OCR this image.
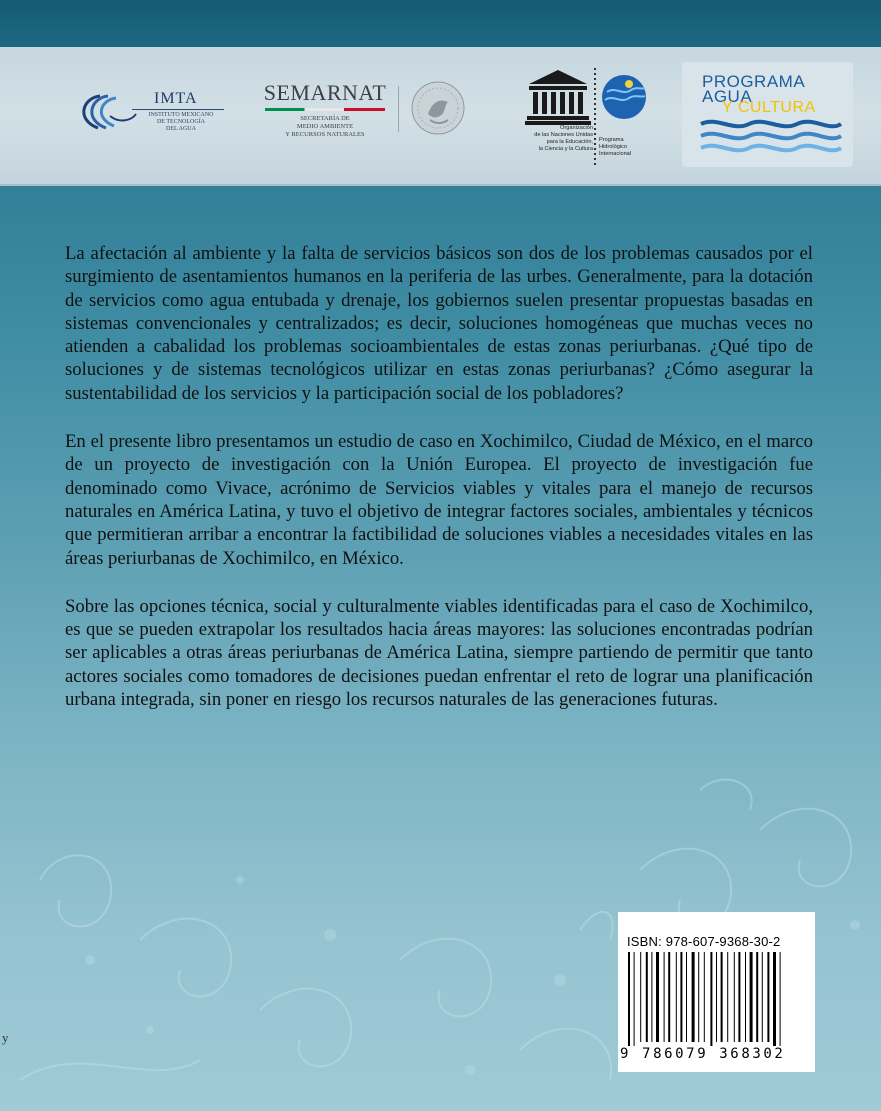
IMTA
INSTITUTO MEXICANO
DE TECNOLOGÍA
DEL AGUA
SEMARNAT
SECRETARÍA DE
MEDIO AMBIENTE
Y RECURSOS NATURALES
Organización
de las Naciones Unidas
para la Educación,
la Ciencia y la Cultura
Programa
Hidrológico
Internacional
PROGRAMA
AGUA
Y CULTURA

La afectación al ambiente y la falta de servicios básicos son dos de los problemas causados por el surgimiento de asentamientos humanos en la periferia de las urbes. Generalmente, para la dotación de servicios como agua entubada y drenaje, los gobiernos suelen presentar propuestas basadas en sistemas convencionales y centralizados; es decir, soluciones homogéneas que muchas veces no atienden a cabalidad los problemas socioambientales de estas zonas periurbanas. ¿Qué tipo de soluciones y de sistemas tecnológicos utilizar en estas zonas periurbanas? ¿Cómo asegurar la sustentabilidad de los servicios y la participación social de los pobladores?

En el presente libro presentamos un estudio de caso en Xochimilco, Ciudad de México, en el marco de un proyecto de investigación con la Unión Europea. El proyecto de investigación fue denominado como Vivace, acrónimo de Servicios viables y vitales para el manejo de recursos naturales en América Latina, y tuvo el objetivo de integrar factores sociales, ambientales y técnicos que permitieran arribar a encontrar la factibilidad de soluciones viables a necesidades vitales en las áreas periurbanas de Xochimilco, en México.

Sobre las opciones técnica, social y culturalmente viables identificadas para el caso de Xochimilco, es que se pueden extrapolar los resultados hacia áreas mayores: las soluciones encontradas podrían ser aplicables a otras áreas periurbanas de América Latina, siempre partiendo de permitir que tanto actores sociales como tomadores de decisiones puedan enfrentar el reto de lograr una planificación urbana integrada, sin poner en riesgo los recursos naturales de las generaciones futuras.

y
ISBN: 978-607-9368-30-2
9 786079 368302
